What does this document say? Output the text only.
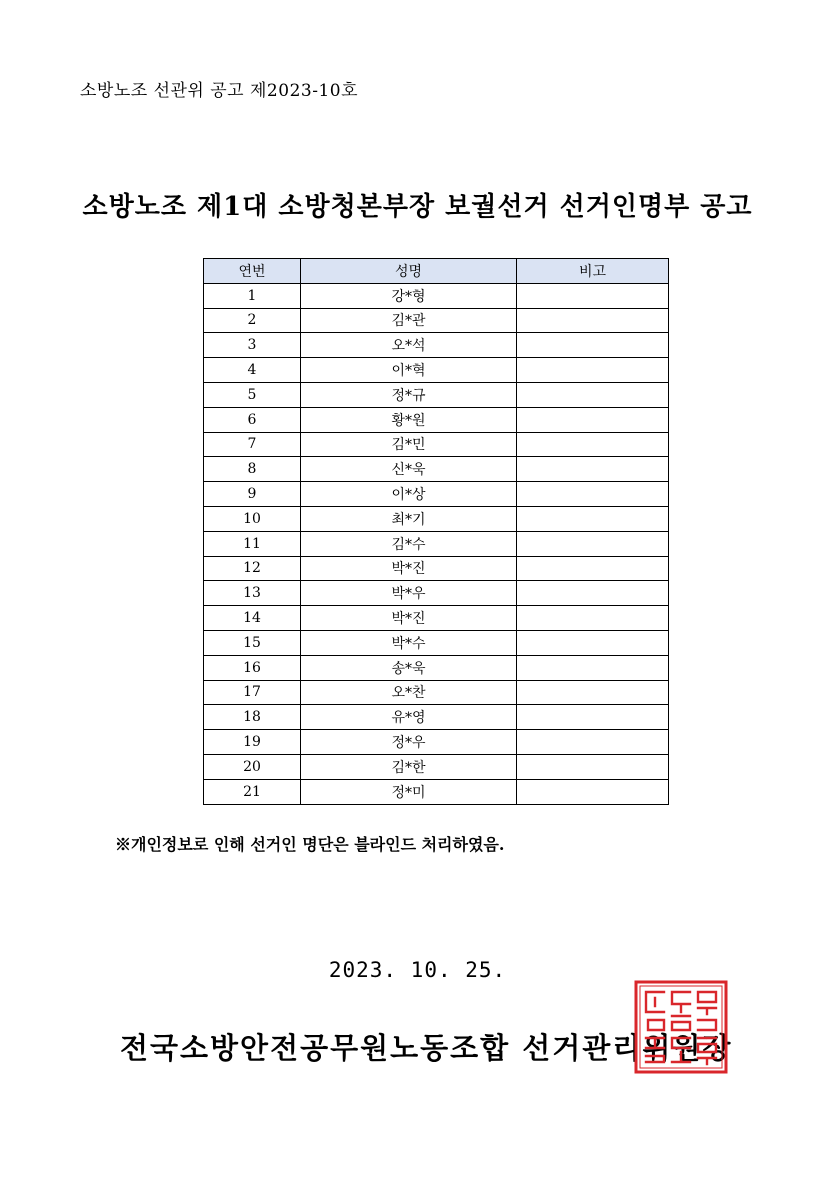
소방노조 선관위 공고 제2023-10호
소방노조 제1대 소방청본부장 보궐선거 선거인명부 공고
연번	성명	비고
1	강*형	
2	김*관	
3	오*석	
4	이*혁	
5	정*규	
6	황*원	
7	김*민	
8	신*욱	
9	이*상	
10	최*기	
11	김*수	
12	박*진	
13	박*우	
14	박*진	
15	박*수	
16	송*욱	
17	오*찬	
18	유*영	
19	정*우	
20	김*한	
21	정*미	
※개인정보로 인해 선거인 명단은 블라인드 처리하였음.
2023. 10. 25.
전국소방안전공무원노동조합 선거관리위원장
